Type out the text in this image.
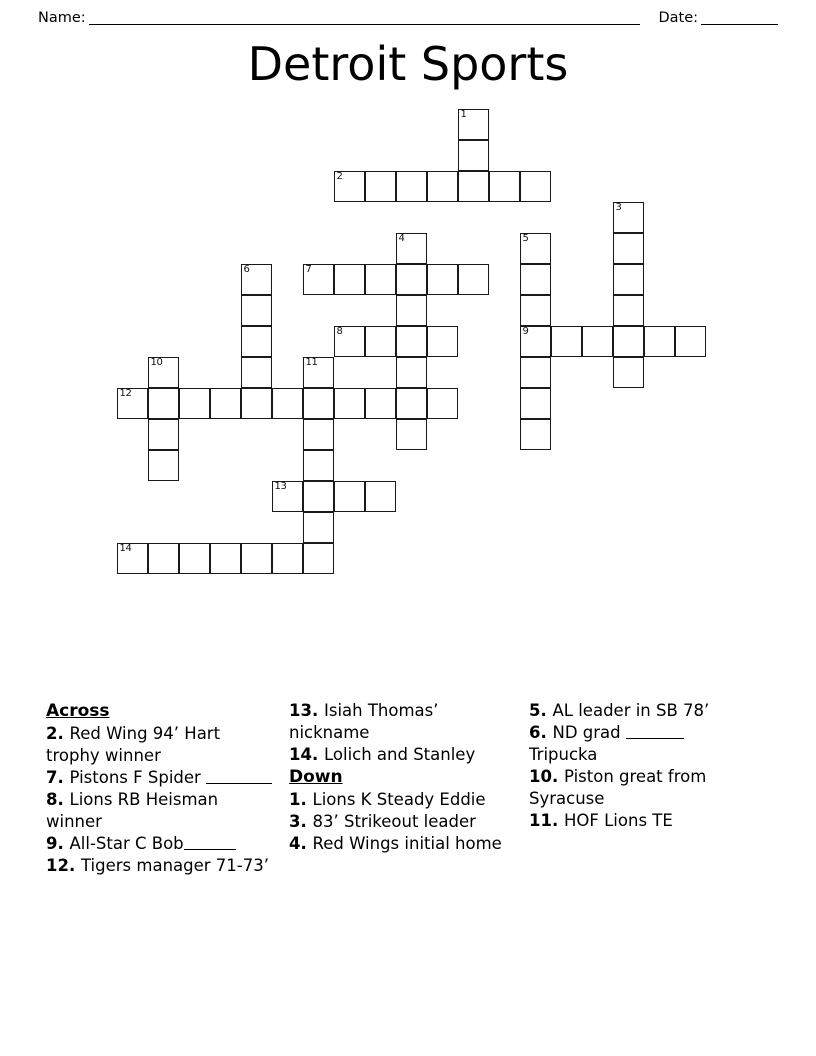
Name:	Date:
Detroit Sports
1
2
3
4	5
9
6	7
8
10	11
12
13
14
Across
2. Red Wing 94’ Hart trophy winner
7. Pistons F Spider
8. Lions RB Heisman winner
9. All-Star C Bob
12. Tigers manager 71-73’
13. Isiah Thomas’ nickname
14. Lolich and Stanley
Down
1. Lions K Steady Eddie
3. 83’ Strikeout leader
4. Red Wings initial home
5. AL leader in SB 78’
6. ND grad  Tripucka
10. Piston great from Syracuse
11. HOF Lions TE
